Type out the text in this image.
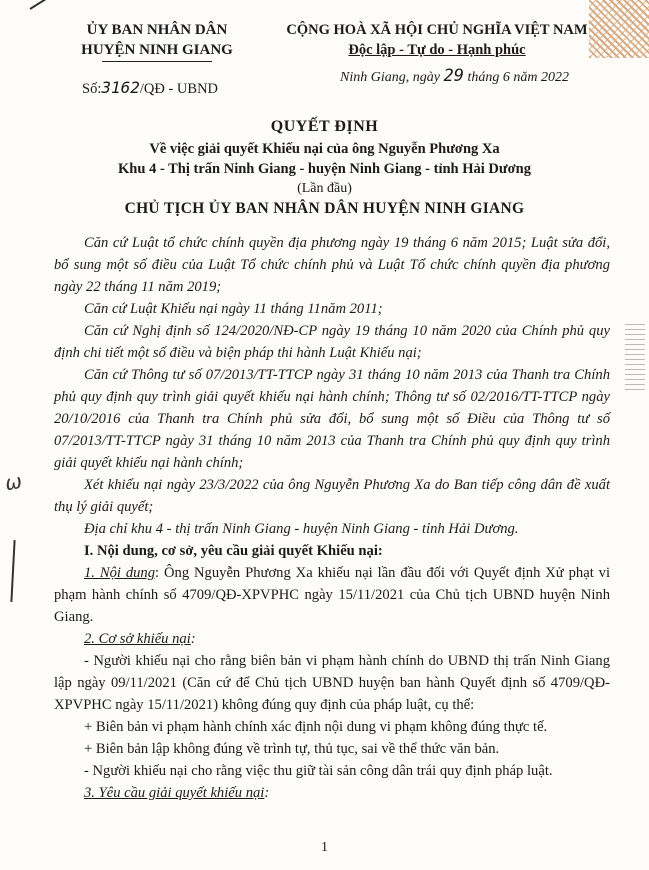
ỦY BAN NHÂN DÂN
HUYỆN NINH GIANG
CỘNG HOÀ XÃ HỘI CHỦ NGHĨA VIỆT NAM
Độc lập - Tự do - Hạnh phúc
Ninh Giang, ngày 29 tháng 6 năm 2022
Số:3162/QĐ - UBND
QUYẾT ĐỊNH
Về việc giải quyết Khiếu nại của ông Nguyễn Phương Xa
Khu 4 - Thị trấn Ninh Giang - huyện Ninh Giang - tỉnh Hải Dương
(Lần đầu)
CHỦ TỊCH ỦY BAN NHÂN DÂN HUYỆN NINH GIANG

Căn cứ Luật tổ chức chính quyền địa phương ngày 19 tháng 6 năm 2015; Luật sửa đổi, bổ sung một số điều của Luật Tổ chức chính phủ và Luật Tổ chức chính quyền địa phương ngày 22 tháng 11 năm 2019;

Căn cứ Luật Khiếu nại ngày 11 tháng 11năm 2011;

Căn cứ Nghị định số 124/2020/NĐ-CP ngày 19 tháng 10 năm 2020 của Chính phủ quy định chi tiết một số điều và biện pháp thi hành Luật Khiếu nại;

Căn cứ Thông tư số 07/2013/TT-TTCP ngày 31 tháng 10 năm 2013 của Thanh tra Chính phủ quy định quy trình giải quyết khiếu nại hành chính; Thông tư số 02/2016/TT-TTCP ngày 20/10/2016 của Thanh tra Chính phủ sửa đổi, bổ sung một số Điều của Thông tư số 07/2013/TT-TTCP ngày 31 tháng 10 năm 2013 của Thanh tra Chính phủ quy định quy trình giải quyết khiếu nại hành chính;

Xét khiếu nại ngày 23/3/2022 của ông Nguyễn Phương Xa do Ban tiếp công dân đề xuất thụ lý giải quyết;

Địa chỉ khu 4 - thị trấn Ninh Giang - huyện Ninh Giang - tỉnh Hải Dương.

I. Nội dung, cơ sở, yêu cầu giải quyết Khiếu nại:

1. Nội dung: Ông Nguyễn Phương Xa khiếu nại lần đầu đối với Quyết định Xử phạt vi phạm hành chính số 4709/QĐ-XPVPHC ngày 15/11/2021 của Chủ tịch UBND huyện Ninh Giang.

2. Cơ sở khiếu nại:

- Người khiếu nại cho rằng biên bản vi phạm hành chính do UBND thị trấn Ninh Giang lập ngày 09/11/2021 (Căn cứ để Chủ tịch UBND huyện ban hành Quyết định số 4709/QĐ-XPVPHC ngày 15/11/2021) không đúng quy định của pháp luật, cụ thể:

+ Biên bản vi phạm hành chính xác định nội dung vi phạm không đúng thực tế.

+ Biên bản lập không đúng về trình tự, thủ tục, sai về thể thức văn bản.

- Người khiếu nại cho rằng việc thu giữ tài sản công dân trái quy định pháp luật.

3. Yêu cầu giải quyết khiếu nại:

ω
1
